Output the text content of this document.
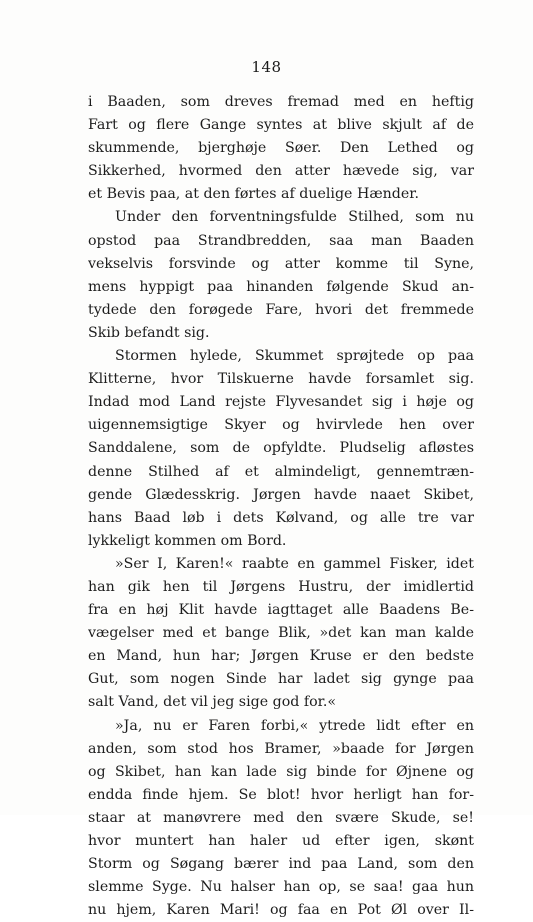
148
i Baaden, som dreves fremad med en heftig
Fart og flere Gange syntes at blive skjult af de
skummende, bjerghøje Søer. Den Lethed og
Sikkerhed, hvormed den atter hævede sig, var
et Bevis paa, at den førtes af duelige Hænder.
Under den forventningsfulde Stilhed, som nu
opstod paa Strandbredden, saa man Baaden
vekselvis forsvinde og atter komme til Syne,
mens hyppigt paa hinanden følgende Skud an-
tydede den forøgede Fare, hvori det fremmede
Skib befandt sig.
Stormen hylede, Skummet sprøjtede op paa
Klitterne, hvor Tilskuerne havde forsamlet sig.
Indad mod Land rejste Flyvesandet sig i høje og
uigennemsigtige Skyer og hvirvlede hen over
Sanddalene, som de opfyldte. Pludselig afløstes
denne Stilhed af et almindeligt, gennemtræn-
gende Glædesskrig. Jørgen havde naaet Skibet,
hans Baad løb i dets Kølvand, og alle tre var
lykkeligt kommen om Bord.
»Ser I, Karen!« raabte en gammel Fisker, idet
han gik hen til Jørgens Hustru, der imidlertid
fra en høj Klit havde iagttaget alle Baadens Be-
vægelser med et bange Blik, »det kan man kalde
en Mand, hun har; Jørgen Kruse er den bedste
Gut, som nogen Sinde har ladet sig gynge paa
salt Vand, det vil jeg sige god for.«
»Ja, nu er Faren forbi,« ytrede lidt efter en
anden, som stod hos Bramer, »baade for Jørgen
og Skibet, han kan lade sig binde for Øjnene og
endda finde hjem. Se blot! hvor herligt han for-
staar at manøvrere med den svære Skude, se!
hvor muntert han haler ud efter igen, skønt
Storm og Søgang bærer ind paa Land, som den
slemme Syge. Nu halser han op, se saa! gaa hun
nu hjem, Karen Mari! og faa en Pot Øl over Il-
